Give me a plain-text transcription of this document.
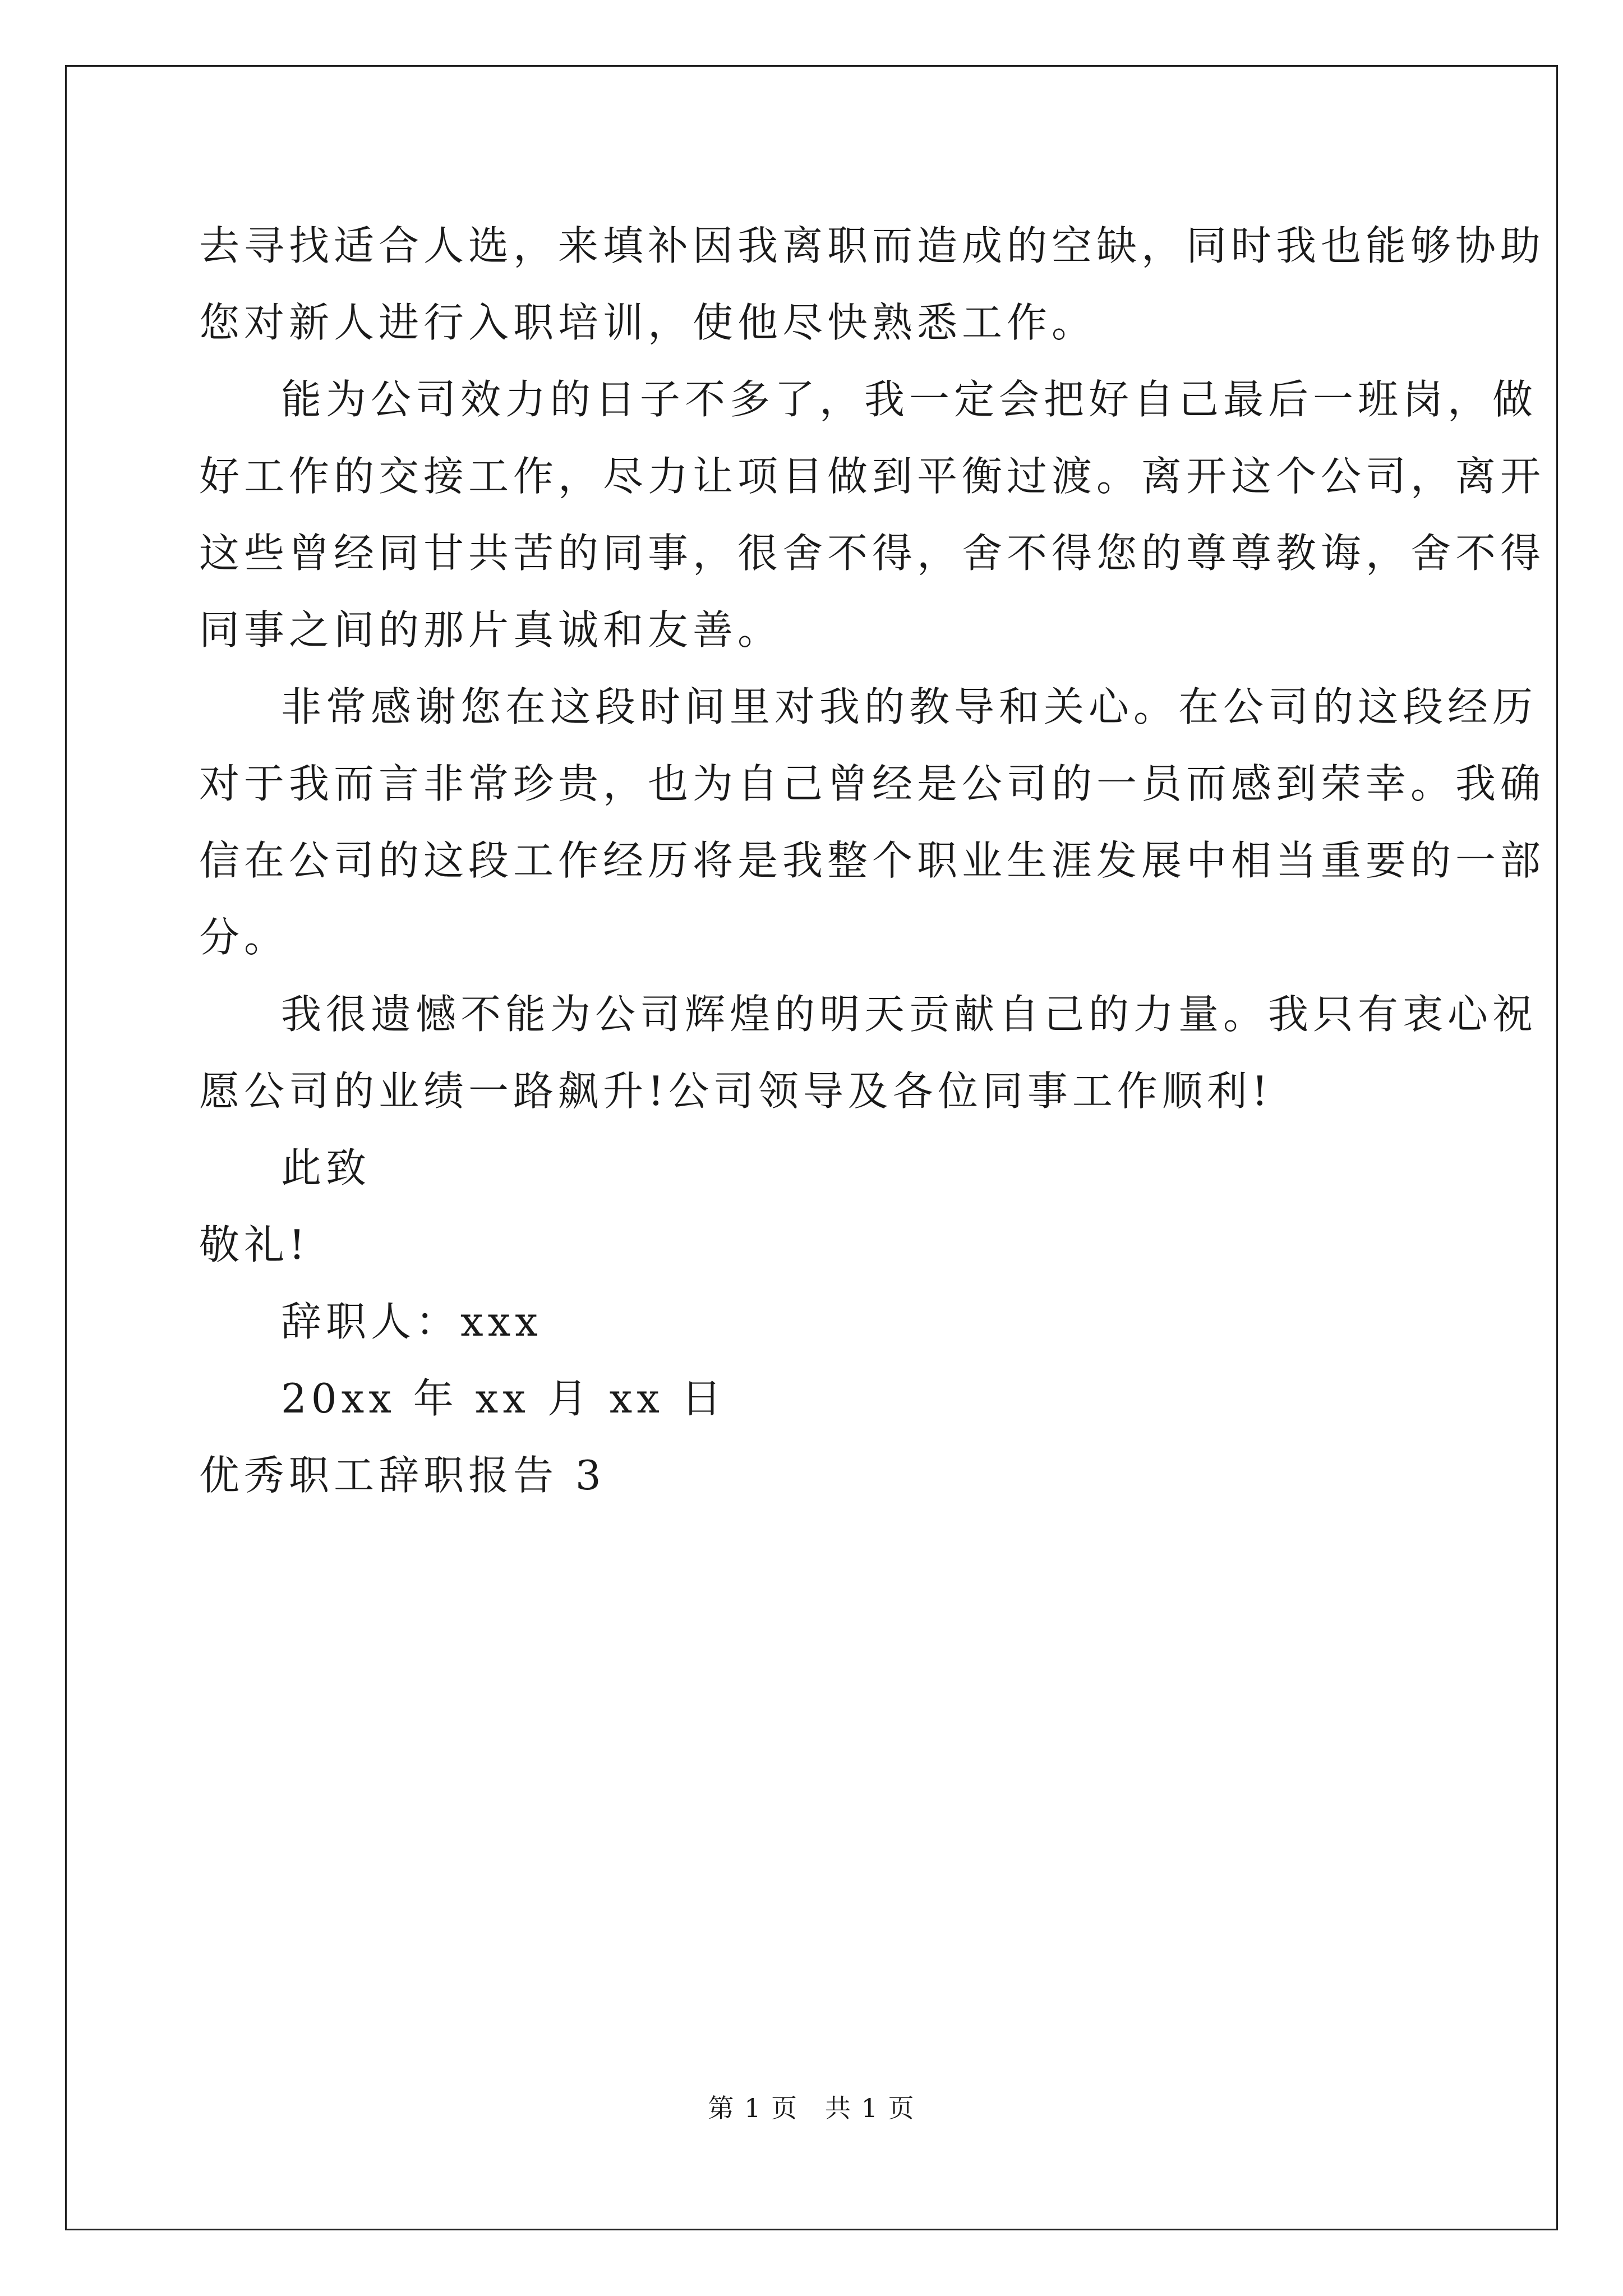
去寻找适合人选，来填补因我离职而造成的空缺，同时我也能够协助
您对新人进行入职培训，使他尽快熟悉工作。

能为公司效力的日子不多了，我一定会把好自己最后一班岗，做
好工作的交接工作，尽力让项目做到平衡过渡。离开这个公司，离开
这些曾经同甘共苦的同事，很舍不得，舍不得您的尊尊教诲，舍不得
同事之间的那片真诚和友善。

非常感谢您在这段时间里对我的教导和关心。在公司的这段经历
对于我而言非常珍贵，也为自己曾经是公司的一员而感到荣幸。我确
信在公司的这段工作经历将是我整个职业生涯发展中相当重要的一部
分。

我很遗憾不能为公司辉煌的明天贡献自己的力量。我只有衷心祝
愿公司的业绩一路飙升!公司领导及各位同事工作顺利!

此致

敬礼!

辞职人：xxx

20xx 年 xx 月 xx 日

优秀职工辞职报告 3

第 1 页　共 1 页
